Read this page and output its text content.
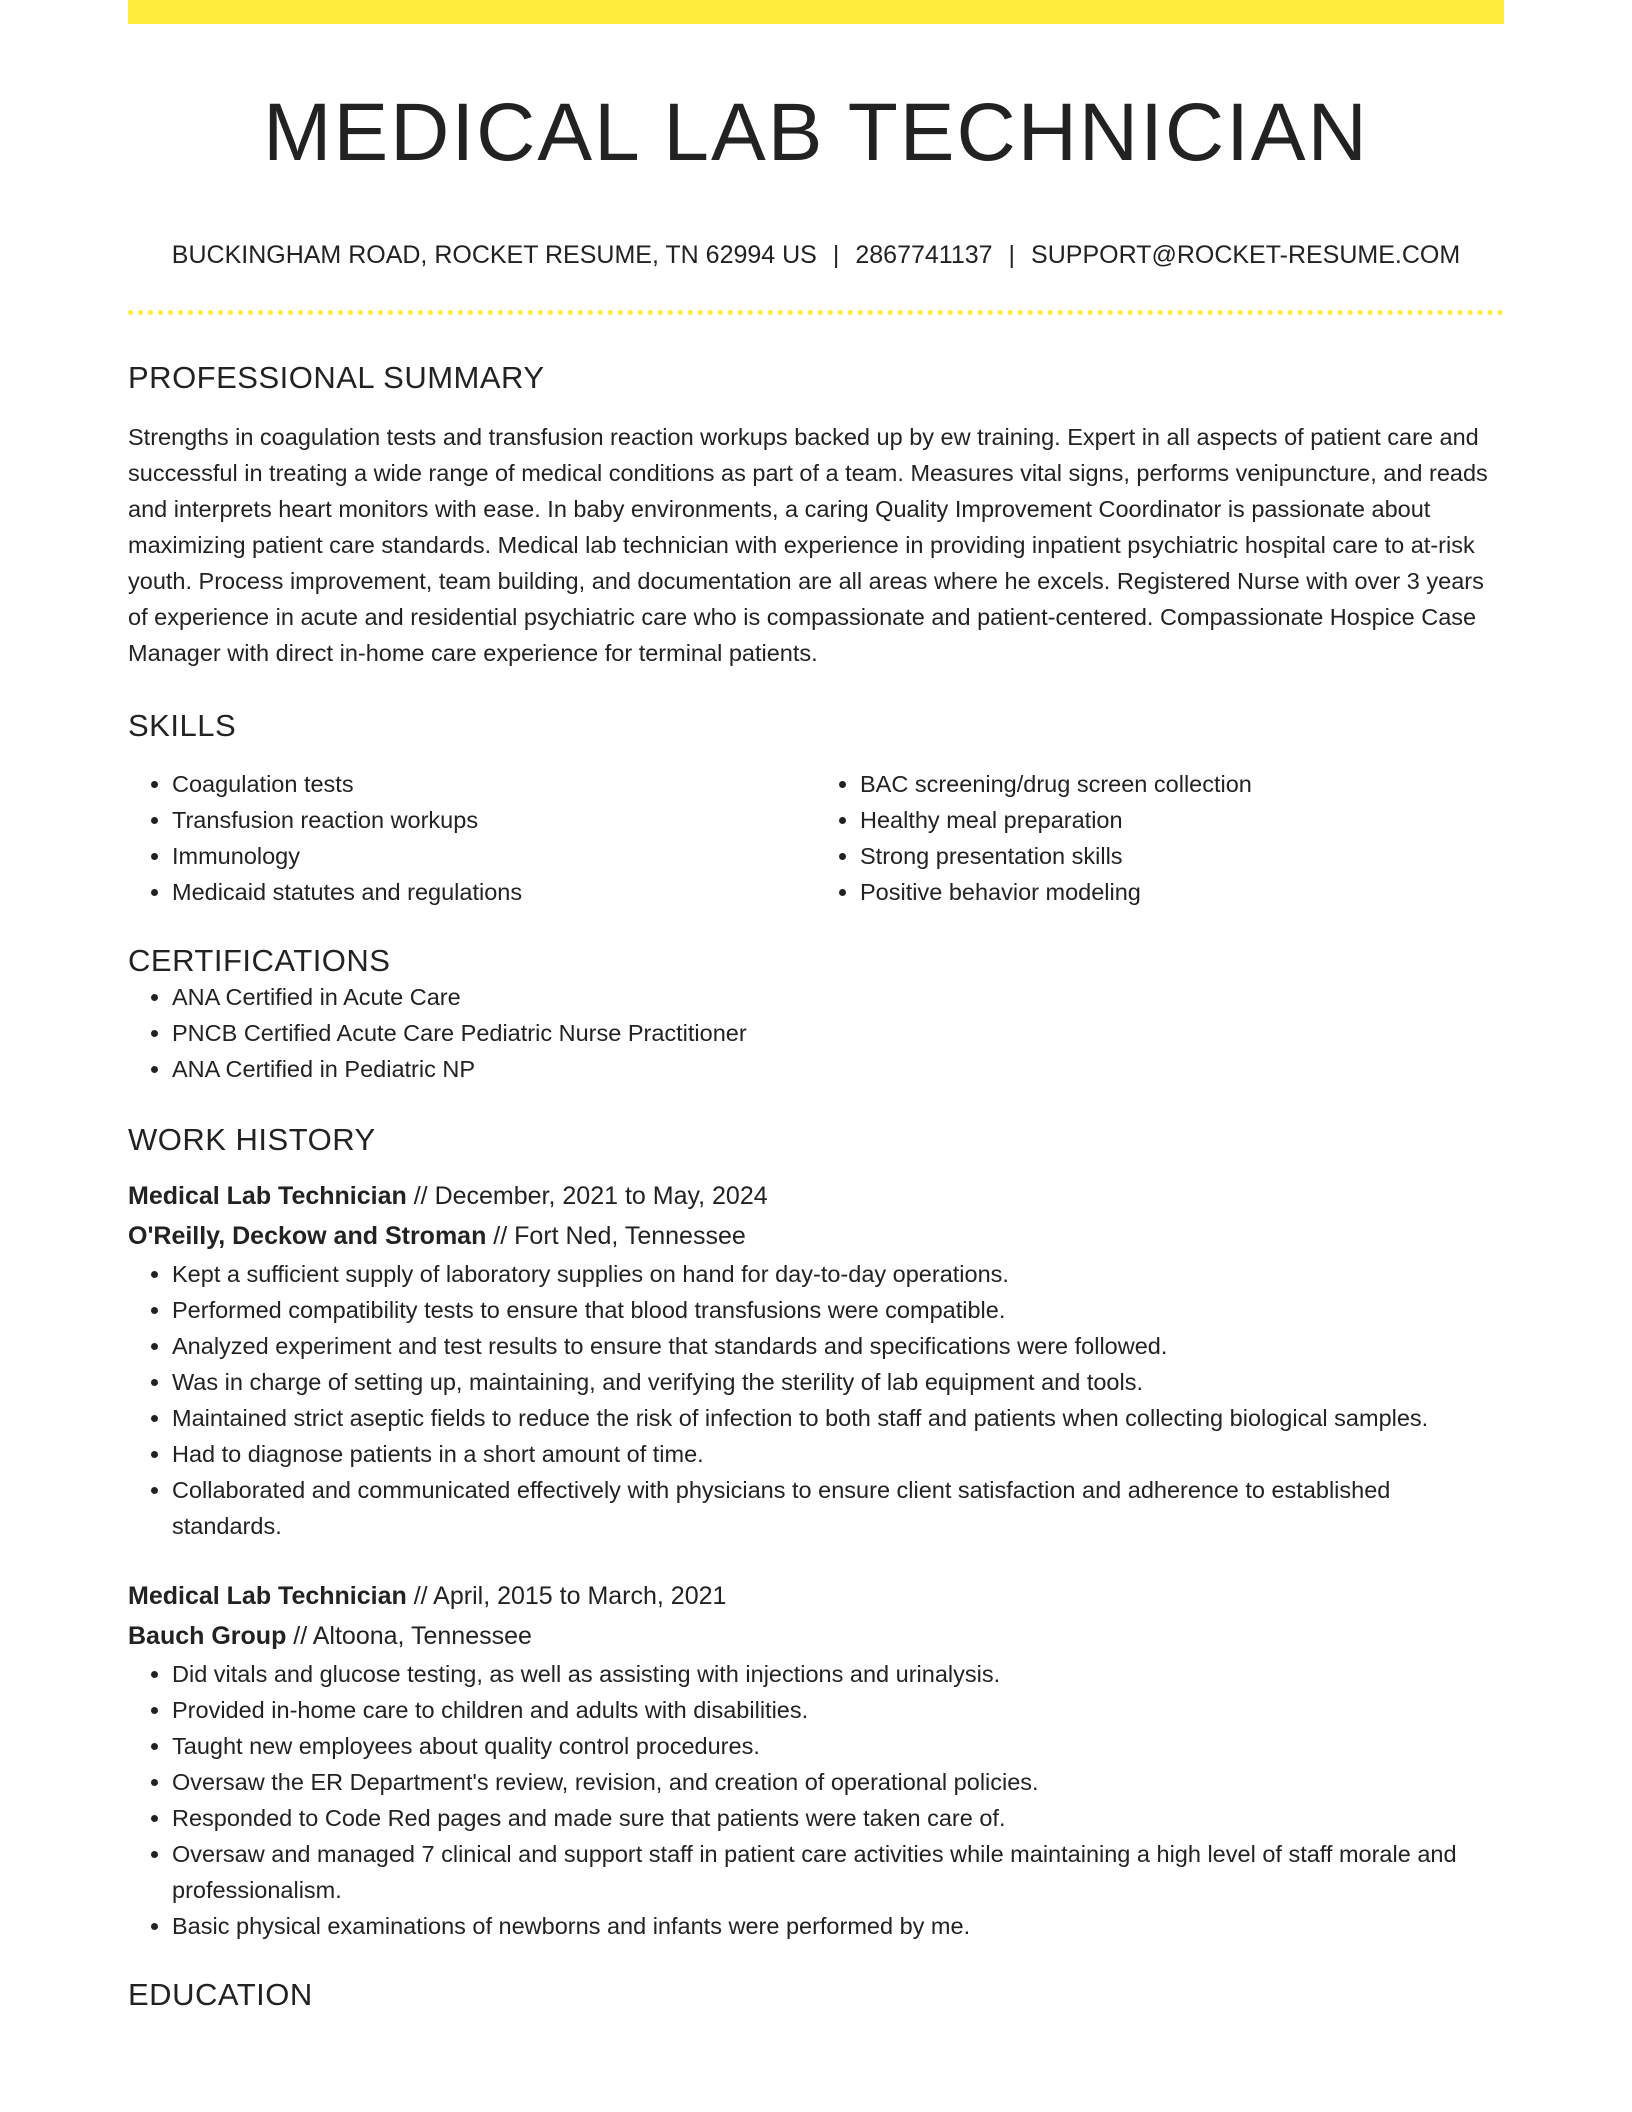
MEDICAL LAB TECHNICIAN
BUCKINGHAM ROAD, ROCKET RESUME, TN 62994 US | 2867741137 | SUPPORT@ROCKET-RESUME.COM
PROFESSIONAL SUMMARY
Strengths in coagulation tests and transfusion reaction workups backed up by ew training. Expert in all aspects of patient care and successful in treating a wide range of medical conditions as part of a team. Measures vital signs, performs venipuncture, and reads and interprets heart monitors with ease. In baby environments, a caring Quality Improvement Coordinator is passionate about maximizing patient care standards. Medical lab technician with experience in providing inpatient psychiatric hospital care to at-risk youth. Process improvement, team building, and documentation are all areas where he excels. Registered Nurse with over 3 years of experience in acute and residential psychiatric care who is compassionate and patient-centered. Compassionate Hospice Case Manager with direct in-home care experience for terminal patients.
SKILLS
• Coagulation tests
• Transfusion reaction workups
• Immunology
• Medicaid statutes and regulations
• BAC screening/drug screen collection
• Healthy meal preparation
• Strong presentation skills
• Positive behavior modeling
CERTIFICATIONS
• ANA Certified in Acute Care
• PNCB Certified Acute Care Pediatric Nurse Practitioner
• ANA Certified in Pediatric NP
WORK HISTORY
Medical Lab Technician // December, 2021 to May, 2024
O'Reilly, Deckow and Stroman // Fort Ned, Tennessee
• Kept a sufficient supply of laboratory supplies on hand for day-to-day operations.
• Performed compatibility tests to ensure that blood transfusions were compatible.
• Analyzed experiment and test results to ensure that standards and specifications were followed.
• Was in charge of setting up, maintaining, and verifying the sterility of lab equipment and tools.
• Maintained strict aseptic fields to reduce the risk of infection to both staff and patients when collecting biological samples.
• Had to diagnose patients in a short amount of time.
• Collaborated and communicated effectively with physicians to ensure client satisfaction and adherence to established standards.
Medical Lab Technician // April, 2015 to March, 2021
Bauch Group // Altoona, Tennessee
• Did vitals and glucose testing, as well as assisting with injections and urinalysis.
• Provided in-home care to children and adults with disabilities.
• Taught new employees about quality control procedures.
• Oversaw the ER Department's review, revision, and creation of operational policies.
• Responded to Code Red pages and made sure that patients were taken care of.
• Oversaw and managed 7 clinical and support staff in patient care activities while maintaining a high level of staff morale and professionalism.
• Basic physical examinations of newborns and infants were performed by me.
EDUCATION
